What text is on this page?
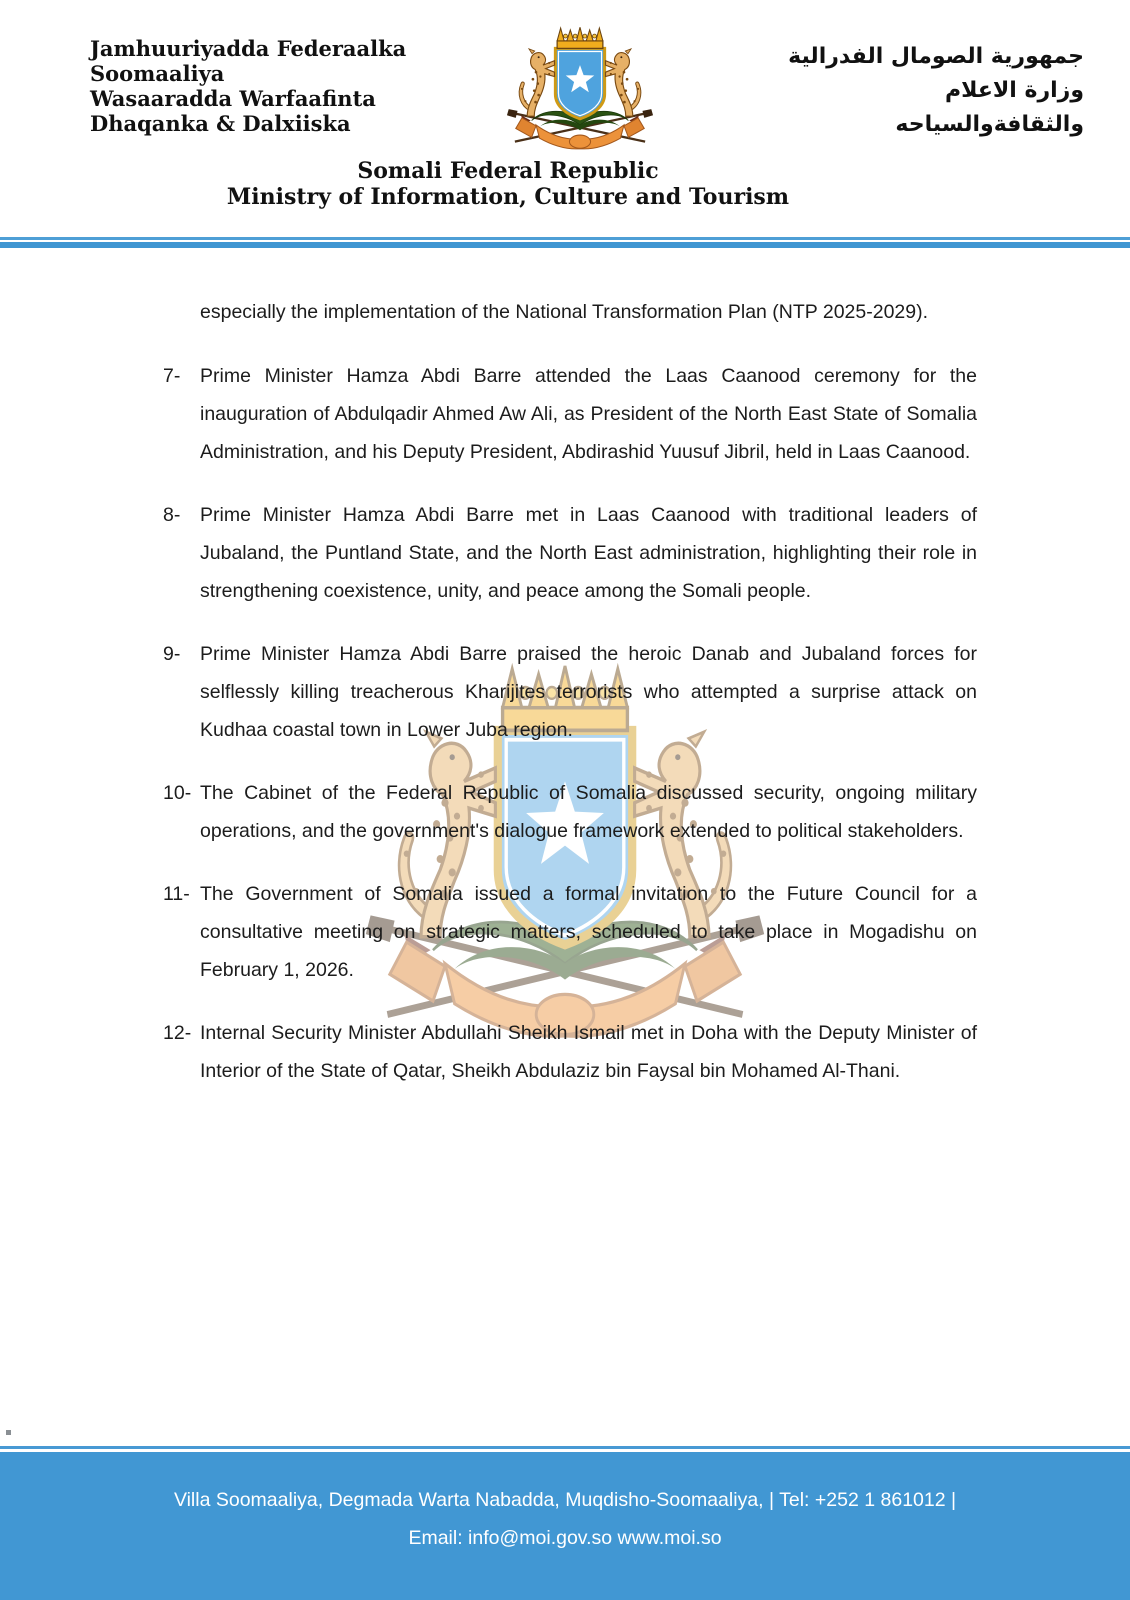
Jamhuuriyadda Federaalka
Soomaaliya
Wasaaradda Warfaafinta
Dhaqanka & Dalxiiska
جمهورية الصومال الفدرالية
وزارة الاعلام
والثقافةوالسياحه
Somali Federal Republic
Ministry of Information, Culture and Tourism

especially the implementation of the National Transformation Plan (NTP 2025-2029).

7-	Prime Minister Hamza Abdi Barre attended the Laas Caanood ceremony for the inauguration of Abdulqadir Ahmed Aw Ali, as President of the North East State of Somalia Administration, and his Deputy President, Abdirashid Yuusuf Jibril, held in Laas Caanood.
8-	Prime Minister Hamza Abdi Barre met in Laas Caanood with traditional leaders of Jubaland, the Puntland State, and the North East administration, highlighting their role in strengthening coexistence, unity, and peace among the Somali people.
9-	Prime Minister Hamza Abdi Barre praised the heroic Danab and Jubaland forces for selflessly killing treacherous Kharijites terrorists who attempted a surprise attack on Kudhaa coastal town in Lower Juba region.
10- The Cabinet of the Federal Republic of Somalia discussed security, ongoing military operations, and the government's dialogue framework extended to political stakeholders.
11- The Government of Somalia issued a formal invitation to the Future Council for a consultative meeting on strategic matters, scheduled to take place in Mogadishu on February 1, 2026.
12- Internal Security Minister Abdullahi Sheikh Ismail met in Doha with the Deputy Minister of Interior of the State of Qatar, Sheikh Abdulaziz bin Faysal bin Mohamed Al-Thani.
Villa Soomaaliya, Degmada Warta Nabadda, Muqdisho-Soomaaliya, | Tel: +252 1 861012 |
Email: info@moi.gov.so www.moi.so
